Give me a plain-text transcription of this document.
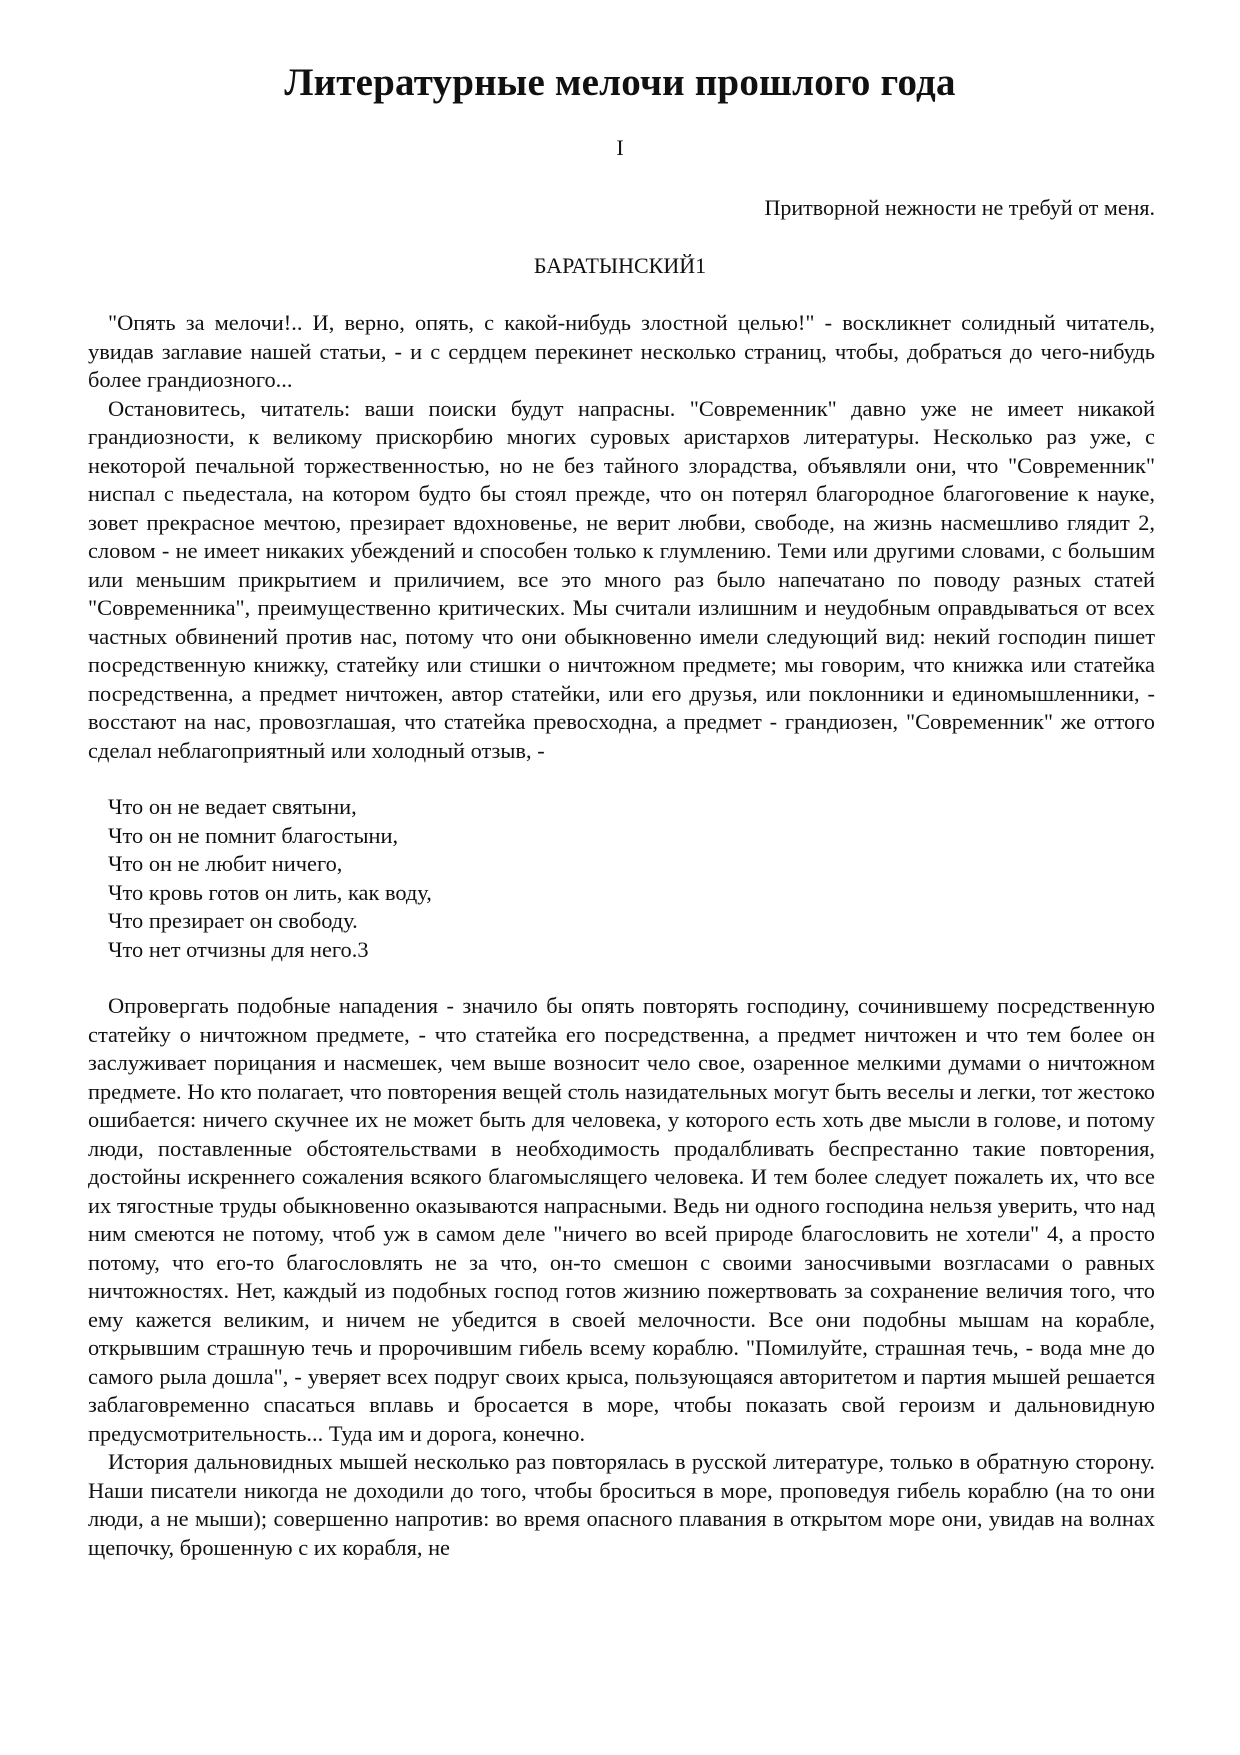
Литературные мелочи прошлого года
I
Притворной нежности не требуй от меня.
БАРАТЫНСКИЙ1

"Опять за мелочи!.. И, верно, опять, с какой-нибудь злостной целью!" - воскликнет солидный читатель, увидав заглавие нашей статьи, - и с сердцем перекинет несколько страниц, чтобы, добраться до чего-нибудь более грандиозного...

Остановитесь, читатель: ваши поиски будут напрасны. "Современник" давно уже не имеет никакой грандиозности, к великому прискорбию многих суровых аристархов литературы. Несколько раз уже, с некоторой печальной торжественностью, но не без тайного злорадства, объявляли они, что "Современник" ниспал с пьедестала, на котором будто бы стоял прежде, что он потерял благородное благоговение к науке, зовет прекрасное мечтою, презирает вдохновенье, не верит любви, свободе, на жизнь насмешливо глядит 2, словом - не имеет никаких убеждений и способен только к глумлению. Теми или другими словами, с большим или меньшим прикрытием и приличием, все это много раз было напечатано по поводу разных статей "Современника", преимущественно критических. Мы считали излишним и неудобным оправдываться от всех частных обвинений против нас, потому что они обыкновенно имели следующий вид: некий господин пишет посредственную книжку, статейку или стишки о ничтожном предмете; мы говорим, что книжка или статейка посредственна, а предмет ничтожен, автор статейки, или его друзья, или поклонники и единомышленники, - восстают на нас, провозглашая, что статейка превосходна, а предмет - грандиозен, "Современник" же оттого сделал неблагоприятный или холодный отзыв, -

Что он не ведает святыни,
Что он не помнит благостыни,
Что он не любит ничего,
Что кровь готов он лить, как воду,
Что презирает он свободу.
Что нет отчизны для него.3

Опровергать подобные нападения - значило бы опять повторять господину, сочинившему посредственную статейку о ничтожном предмете, - что статейка его посредственна, а предмет ничтожен и что тем более он заслуживает порицания и насмешек, чем выше возносит чело свое, озаренное мелкими думами о ничтожном предмете. Но кто полагает, что повторения вещей столь назидательных могут быть веселы и легки, тот жестоко ошибается: ничего скучнее их не может быть для человека, у которого есть хоть две мысли в голове, и потому люди, поставленные обстоятельствами в необходимость продалбливать беспрестанно такие повторения, достойны искреннего сожаления всякого благомыслящего человека. И тем более следует пожалеть их, что все их тягостные труды обыкновенно оказываются напрасными. Ведь ни одного господина нельзя уверить, что над ним смеются не потому, чтоб уж в самом деле "ничего во всей природе благословить не хотели" 4, а просто потому, что его-то благословлять не за что, он-то смешон с своими заносчивыми возгласами о равных ничтожностях. Нет, каждый из подобных господ готов жизнию пожертвовать за сохранение величия того, что ему кажется великим, и ничем не убедится в своей мелочности. Все они подобны мышам на корабле, открывшим страшную течь и пророчившим гибель всему кораблю. "Помилуйте, страшная течь, - вода мне до самого рыла дошла", - уверяет всех подруг своих крыса, пользующаяся авторитетом и партия мышей решается заблаговременно спасаться вплавь и бросается в море, чтобы показать свой героизм и дальновидную предусмотрительность... Туда им и дорога, конечно.

История дальновидных мышей несколько раз повторялась в русской литературе, только в обратную сторону. Наши писатели никогда не доходили до того, чтобы броситься в море, проповедуя гибель кораблю (на то они люди, а не мыши); совершенно напротив: во время опасного плавания в открытом море они, увидав на волнах щепочку, брошенную с их корабля, не
